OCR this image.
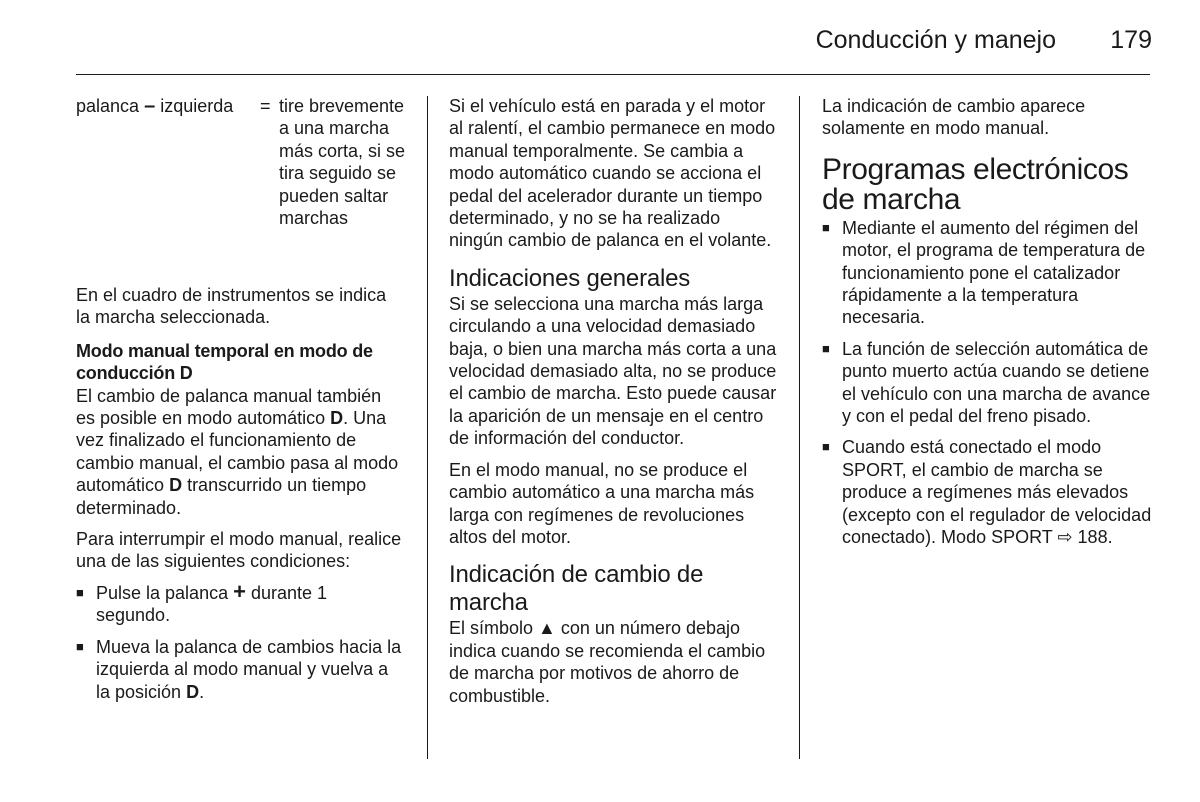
Conducción y manejo	179
palanca – izquierda = tire brevemente a una marcha más corta, si se tira seguido se pueden saltar marchas

En el cuadro de instrumentos se indica la marcha seleccionada.

Modo manual temporal en modo de conducción D

El cambio de palanca manual también es posible en modo automático D. Una vez finalizado el funcionamiento de cambio manual, el cambio pasa al modo automático D transcurrido un tiempo determinado.

Para interrumpir el modo manual, realice una de las siguientes condiciones:

■ Pulse la palanca + durante 1 segundo.
■ Mueva la palanca de cambios hacia la izquierda al modo manual y vuelva a la posición D.

Si el vehículo está en parada y el motor al ralentí, el cambio permanece en modo manual temporalmente. Se cambia a modo automático cuando se acciona el pedal del acelerador durante un tiempo determinado, y no se ha realizado ningún cambio de palanca en el volante.

Indicaciones generales

Si se selecciona una marcha más larga circulando a una velocidad demasiado baja, o bien una marcha más corta a una velocidad demasiado alta, no se produce el cambio de marcha. Esto puede causar la aparición de un mensaje en el centro de información del conductor.

En el modo manual, no se produce el cambio automático a una marcha más larga con regímenes de revoluciones altos del motor.

Indicación de cambio de marcha

El símbolo ▲ con un número debajo indica cuando se recomienda el cambio de marcha por motivos de ahorro de combustible.

La indicación de cambio aparece solamente en modo manual.

Programas electrónicos de marcha
■ Mediante el aumento del régimen del motor, el programa de temperatura de funcionamiento pone el catalizador rápidamente a la temperatura necesaria.
■ La función de selección automática de punto muerto actúa cuando se detiene el vehículo con una marcha de avance y con el pedal del freno pisado.
■ Cuando está conectado el modo SPORT, el cambio de marcha se produce a regímenes más elevados (excepto con el regulador de velocidad conectado). Modo SPORT ⇨ 188.
